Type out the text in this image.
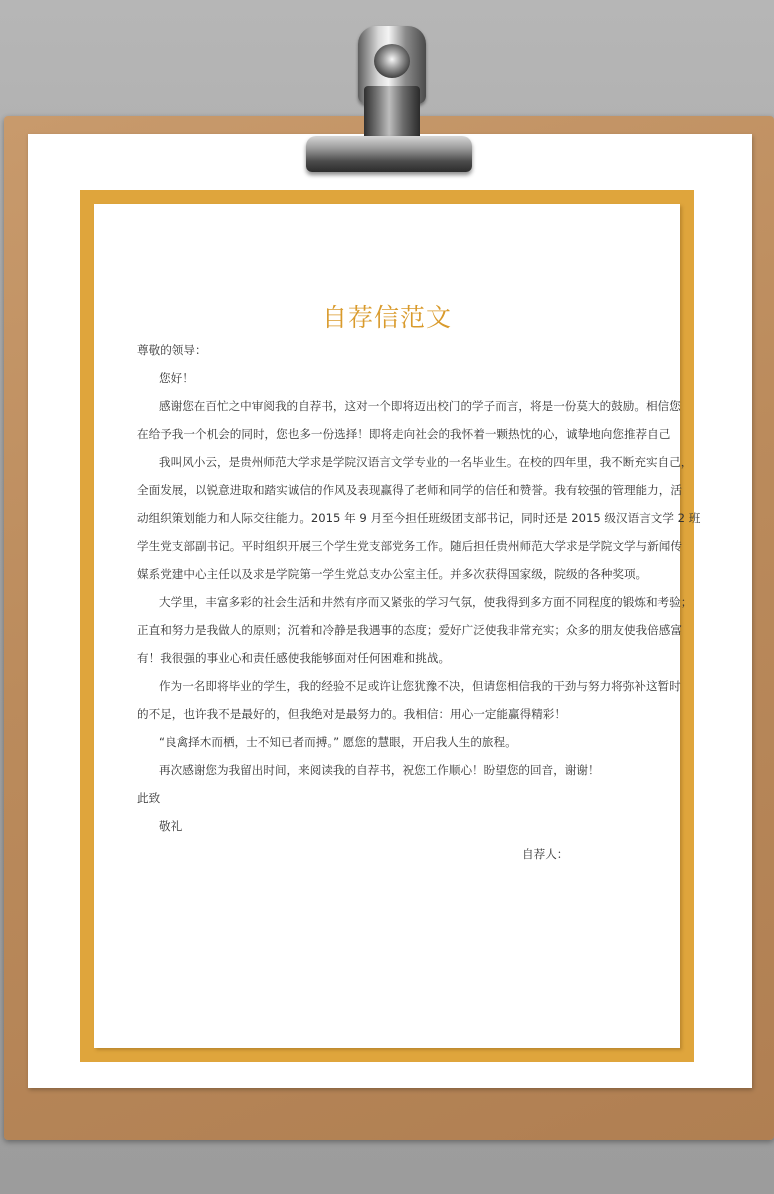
自荐信范文
尊敬的领导：
您好！
感谢您在百忙之中审阅我的自荐书，这对一个即将迈出校门的学子而言，将是一份莫大的鼓励。相信您
在给予我一个机会的同时，您也多一份选择！即将走向社会的我怀着一颗热忱的心，诚挚地向您推荐自己
我叫风小云，是贵州师范大学求是学院汉语言文学专业的一名毕业生。在校的四年里，我不断充实自己，
全面发展，以锐意进取和踏实诚信的作风及表现赢得了老师和同学的信任和赞誉。我有较强的管理能力，活
动组织策划能力和人际交往能力。2015 年 9 月至今担任班级团支部书记，同时还是 2015 级汉语言文学 2 班
学生党支部副书记。平时组织开展三个学生党支部党务工作。随后担任贵州师范大学求是学院文学与新闻传
媒系党建中心主任以及求是学院第一学生党总支办公室主任。并多次获得国家级，院级的各种奖项。
大学里，丰富多彩的社会生活和井然有序而又紧张的学习气氛，使我得到多方面不同程度的锻炼和考验；
正直和努力是我做人的原则；沉着和冷静是我遇事的态度；爱好广泛使我非常充实；众多的朋友使我倍感富
有！我很强的事业心和责任感使我能够面对任何困难和挑战。
作为一名即将毕业的学生，我的经验不足或许让您犹豫不决，但请您相信我的干劲与努力将弥补这暂时
的不足，也许我不是最好的，但我绝对是最努力的。我相信：用心一定能赢得精彩！
“良禽择木而栖，士不知已者而搏。” 愿您的慧眼，开启我人生的旅程。
再次感谢您为我留出时间，来阅读我的自荐书，祝您工作顺心！盼望您的回音，谢谢！
此致
敬礼
自荐人：
